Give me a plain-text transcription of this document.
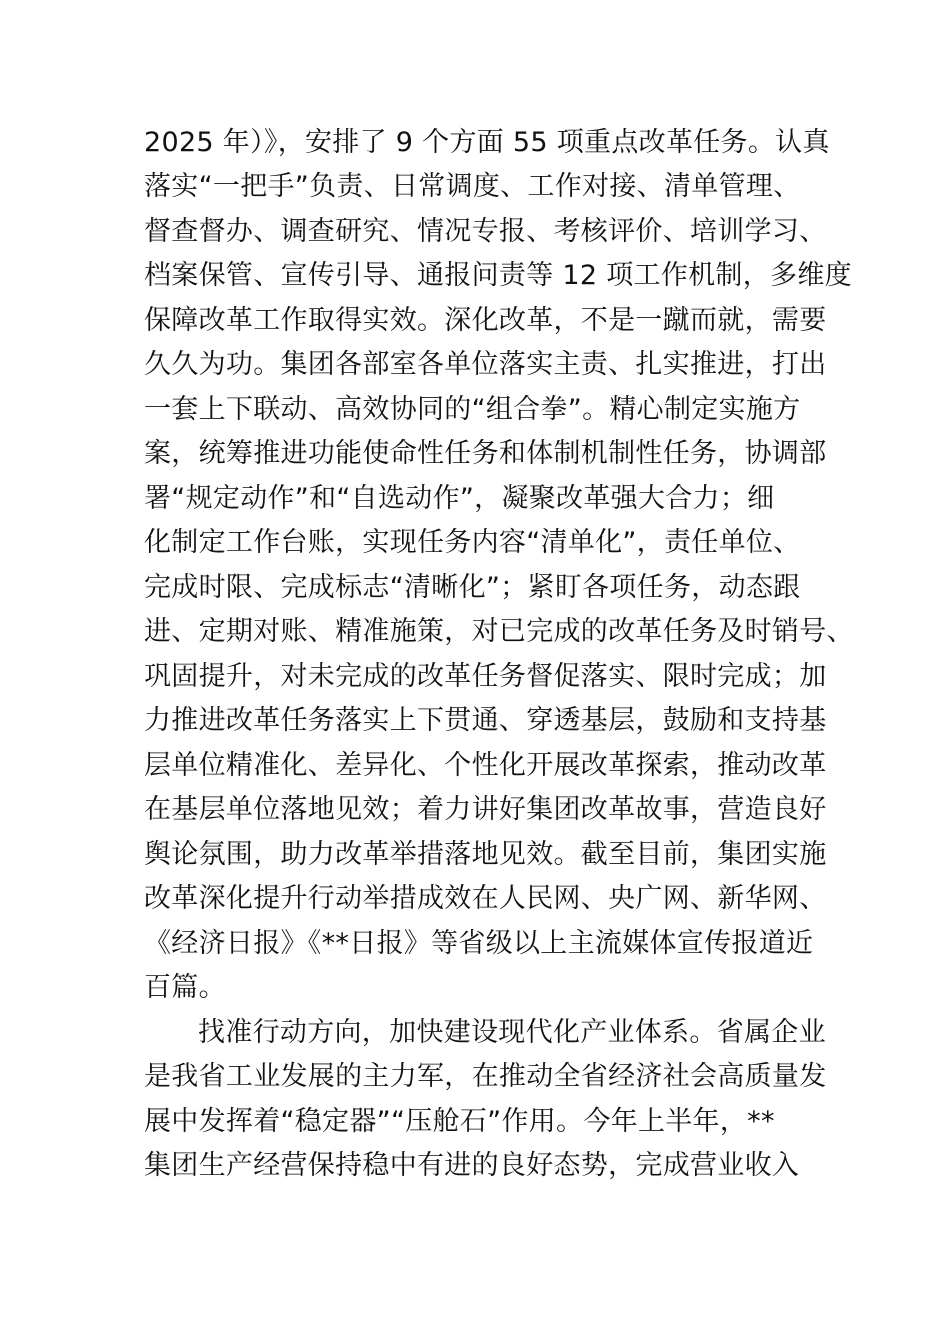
2025 年）》，安排了 9 个方面 55 项重点改革任务。认真
落实“一把手”负责、日常调度、工作对接、清单管理、
督查督办、调查研究、情况专报、考核评价、培训学习、
档案保管、宣传引导、通报问责等 12 项工作机制，多维度
保障改革工作取得实效。深化改革，不是一蹴而就，需要
久久为功。集团各部室各单位落实主责、扎实推进，打出
一套上下联动、高效协同的“组合拳”。精心制定实施方
案，统筹推进功能使命性任务和体制机制性任务，协调部
署“规定动作”和“自选动作”，凝聚改革强大合力；细
化制定工作台账，实现任务内容“清单化”，责任单位、
完成时限、完成标志“清晰化”；紧盯各项任务，动态跟
进、定期对账、精准施策，对已完成的改革任务及时销号、
巩固提升，对未完成的改革任务督促落实、限时完成；加
力推进改革任务落实上下贯通、穿透基层，鼓励和支持基
层单位精准化、差异化、个性化开展改革探索，推动改革
在基层单位落地见效；着力讲好集团改革故事，营造良好
舆论氛围，助力改革举措落地见效。截至目前，集团实施
改革深化提升行动举措成效在人民网、央广网、新华网、
《经济日报》《**日报》等省级以上主流媒体宣传报道近
百篇。
找准行动方向，加快建设现代化产业体系。省属企业
是我省工业发展的主力军，在推动全省经济社会高质量发
展中发挥着“稳定器”“压舱石”作用。今年上半年，**
集团生产经营保持稳中有进的良好态势，完成营业收入
